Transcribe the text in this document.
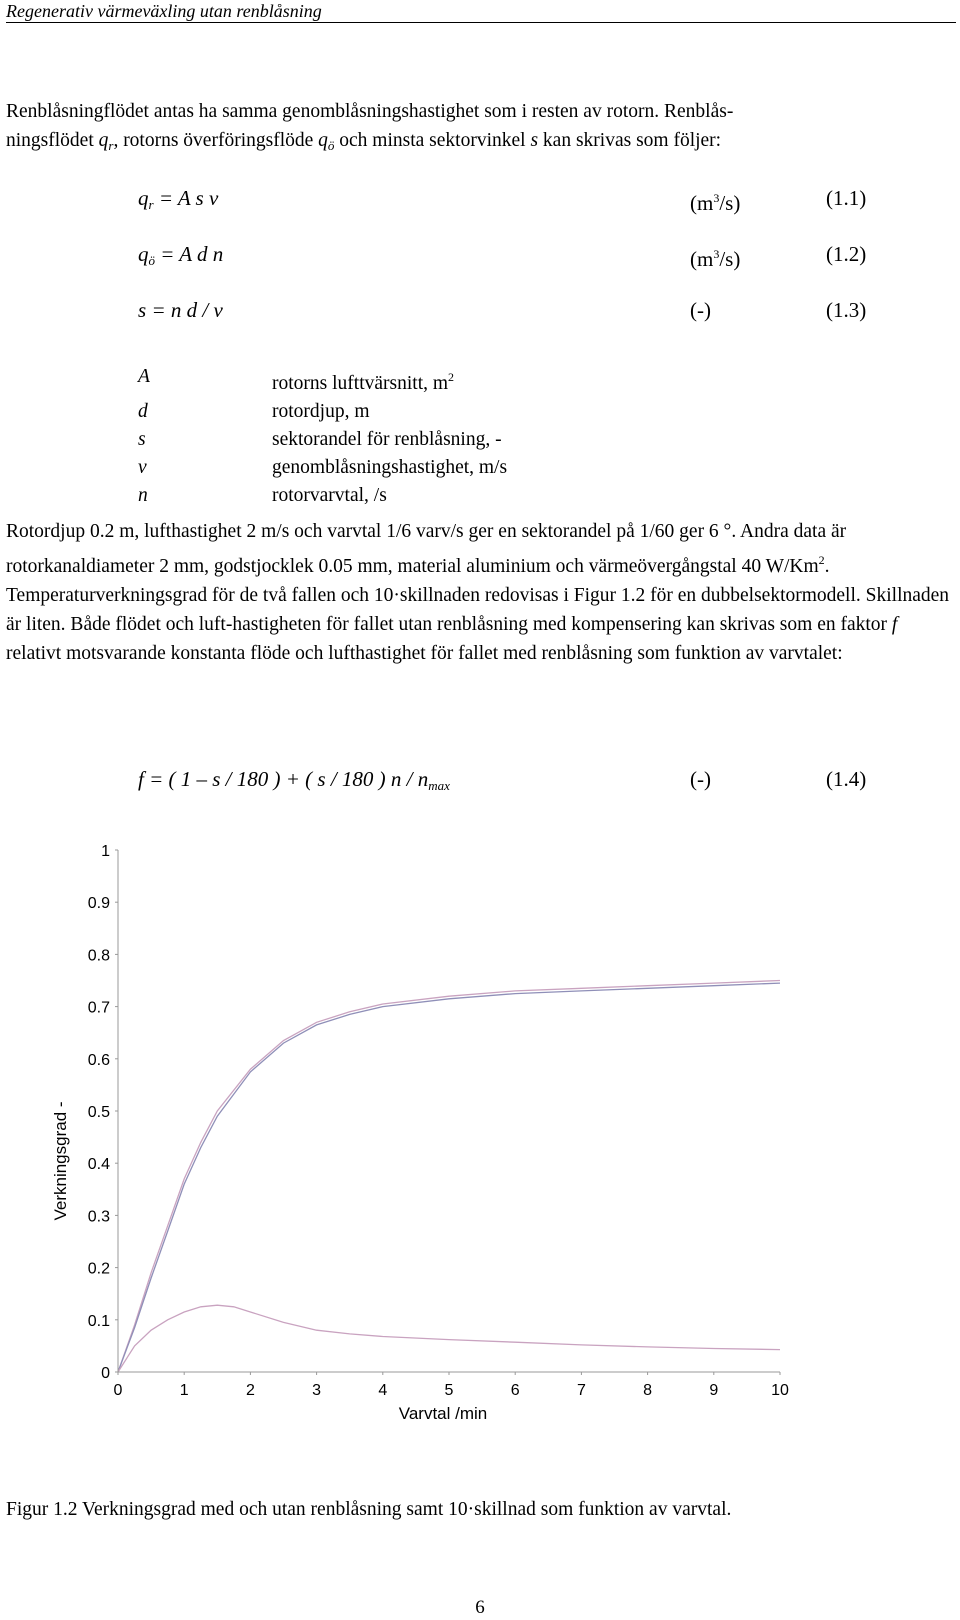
Regenerativ värmeväxling utan renblåsning

Renblåsningflödet antas ha samma genomblåsningshastighet som i resten av rotorn. Renblås-
ningsflödet $q_r$, rotorns överföringsflöde $q_ö$ och minsta sektorvinkel s kan skrivas som följer:

$q_r = A$ s v	$(m^3/s)$	(1.1)
$q_ö = A$ d n	$(m^3/s)$	(1.2)
s = n d / v	(-)	(1.3)
A	rotorns lufttvärsnitt, $m^2$
d	rotordjup, m
s	sektorandel för renblåsning, -
v	genomblåsningshastighet, m/s
n	rotorvarvtal, /s

Rotordjup 0.2 m, lufthastighet 2 m/s och varvtal 1/6 varv/s ger en sektorandel på 1/60 ger 6 °. Andra data är rotorkanaldiameter 2 mm, godstjocklek 0.05 mm, material aluminium och värmeövergångstal 40 W/Km$^2$. Temperaturverkningsgrad för de två fallen och 10·skillnaden redovisas i Figur 1.2 för en dubbelsektormodell. Skillnaden är liten. Både flödet och luft-hastigheten för fallet utan renblåsning med kompensering kan skrivas som en faktor f relativt motsvarande konstanta flöde och lufthastighet för fallet med renblåsning som funktion av varvtalet:

f = ( 1 – s / 180 ) + ( s / 180 ) n / $n_{max}$	(-)	(1.4)
0
0.1
0.2
0.3
0.4
0.5
0.6
0.7
0.8
0.9
1
0	1	2	3	4	5	6	7	8	9	10
Varvtal /min
Verkningsgrad -
Figur 1.2 Verkningsgrad med och utan renblåsning samt 10·skillnad som funktion av varvtal.
6
